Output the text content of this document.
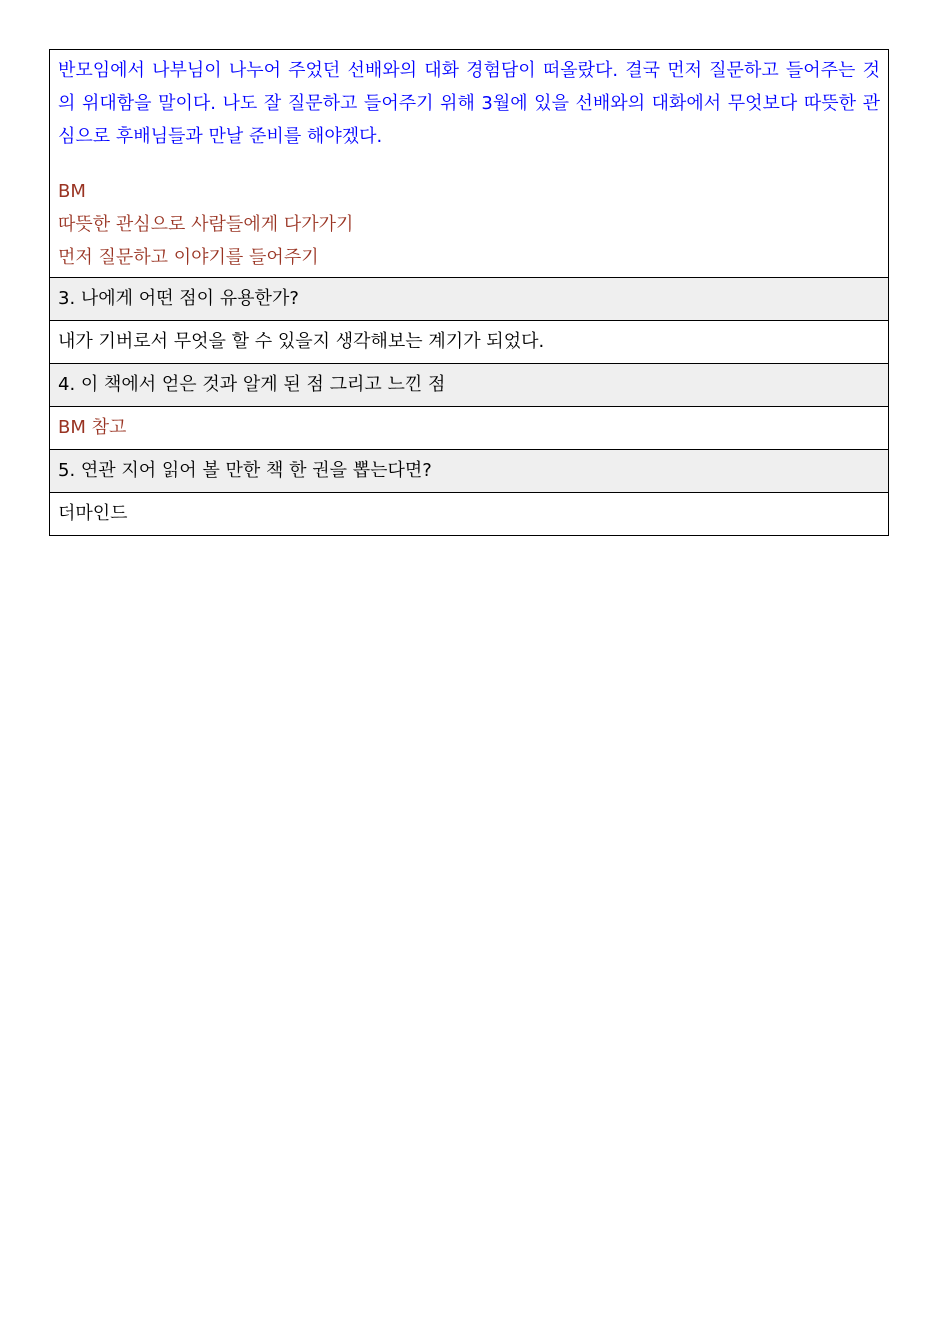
반모임에서 나부님이 나누어 주었던 선배와의 대화 경험담이 떠올랐다. 결국 먼저 질문하고 들어주는 것의 위대함을 말이다. 나도 잘 질문하고 들어주기 위해 3월에 있을 선배와의 대화에서 무엇보다 따뜻한 관심으로 후배님들과 만날 준비를 해야겠다.
BM
따뜻한 관심으로 사람들에게 다가가기
먼저 질문하고 이야기를 들어주기
3. 나에게 어떤 점이 유용한가?
내가 기버로서 무엇을 할 수 있을지 생각해보는 계기가 되었다.
4. 이 책에서 얻은 것과 알게 된 점 그리고 느낀 점
BM 참고
5. 연관 지어 읽어 볼 만한 책 한 권을 뽑는다면?
더마인드
